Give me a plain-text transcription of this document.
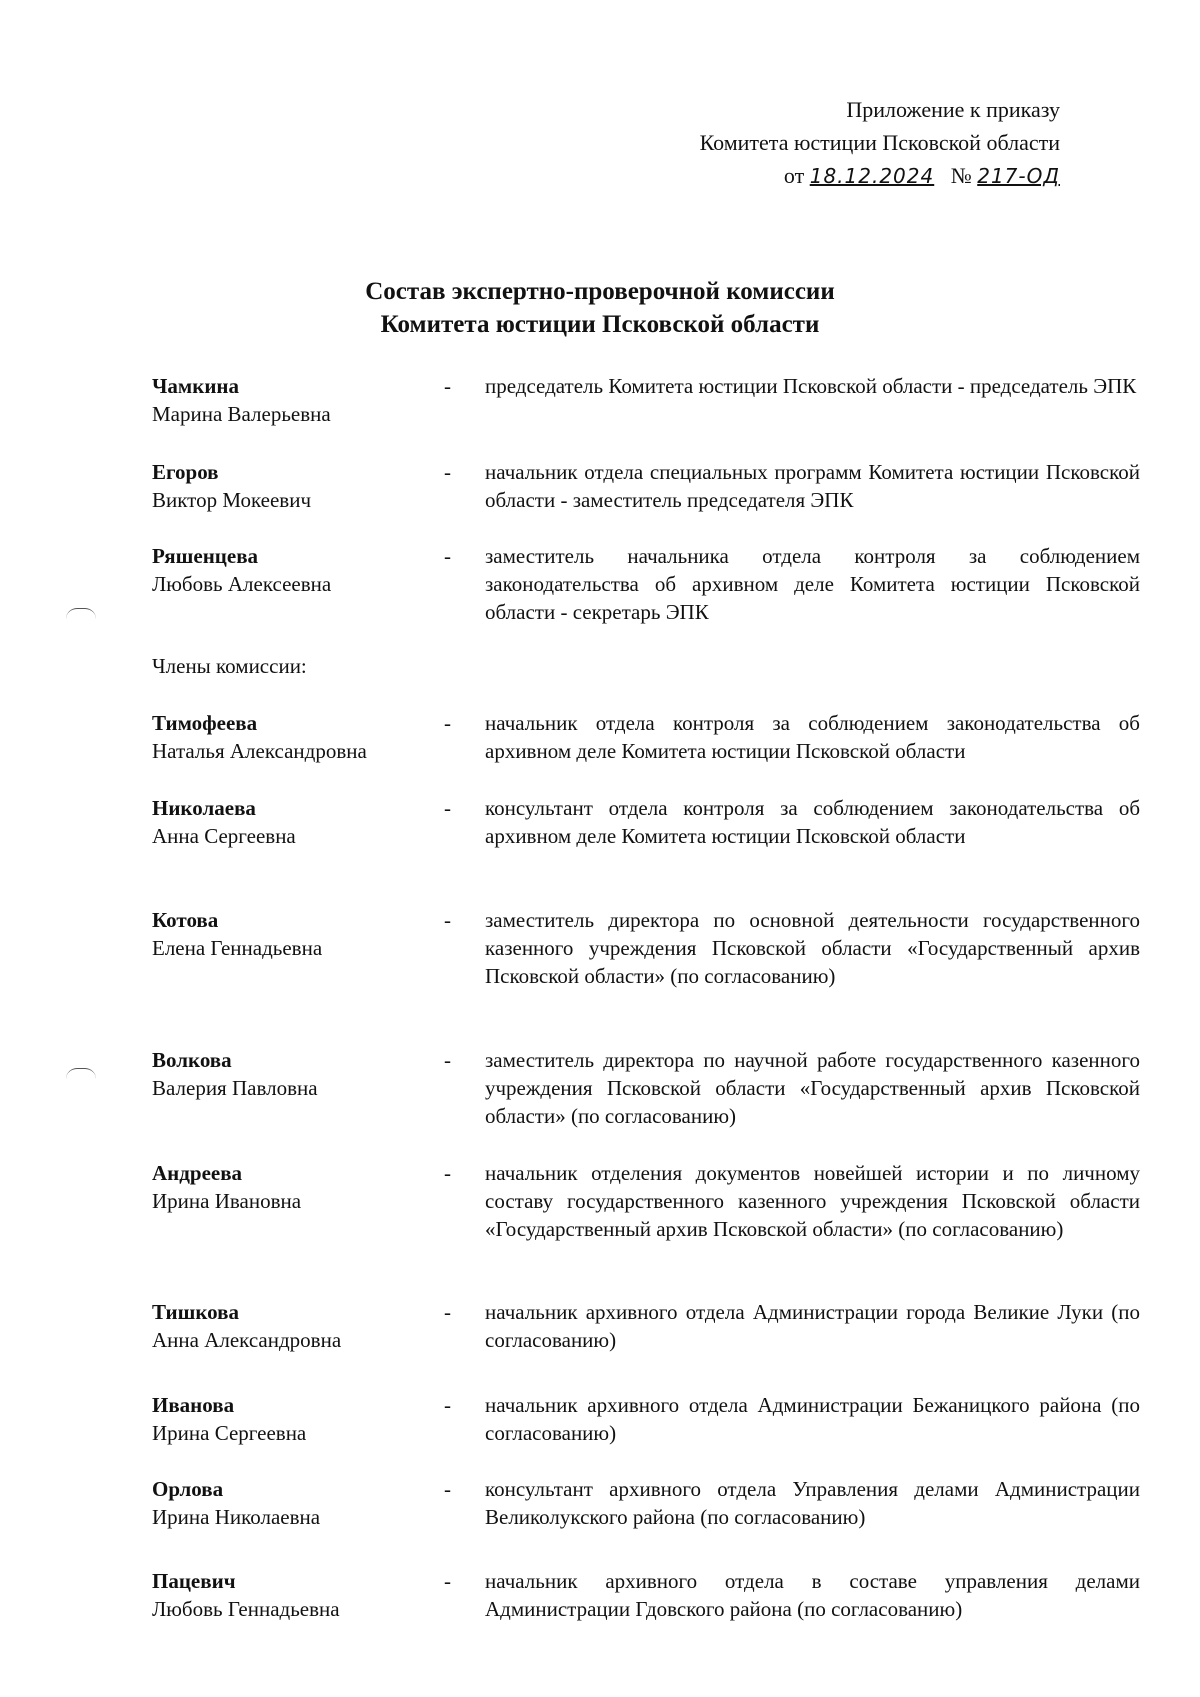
Приложение к приказу
Комитета юстиции Псковской области
от 18.12.2024 № 217-ОД
Состав экспертно-проверочной комиссии
Комитета юстиции Псковской области
Чамкина
Марина Валерьевна
- председатель Комитета юстиции Псковской области - председатель ЭПК
Егоров
Виктор Мокеевич
- начальник отдела специальных программ Комитета юстиции Псковской области - заместитель председателя ЭПК
Ряшенцева
Любовь Алексеевна
- заместитель начальника отдела контроля за соблюдением законодательства об архивном деле Комитета юстиции Псковской области - секретарь ЭПК
Члены комиссии:
Тимофеева
Наталья Александровна
- начальник отдела контроля за соблюдением законодательства об архивном деле Комитета юстиции Псковской области
Николаева
Анна Сергеевна
- консультант отдела контроля за соблюдением законодательства об архивном деле Комитета юстиции Псковской области
Котова
Елена Геннадьевна
- заместитель директора по основной деятельности государственного казенного учреждения Псковской области «Государственный архив Псковской области» (по согласованию)
Волкова
Валерия Павловна
- заместитель директора по научной работе государственного казенного учреждения Псковской области «Государственный архив Псковской области» (по согласованию)
Андреева
Ирина Ивановна
- начальник отделения документов новейшей истории и по личному составу государственного казенного учреждения Псковской области «Государственный архив Псковской области» (по согласованию)
Тишкова
Анна Александровна
- начальник архивного отдела Администрации города Великие Луки (по согласованию)
Иванова
Ирина Сергеевна
- начальник архивного отдела Администрации Бежаницкого района (по согласованию)
Орлова
Ирина Николаевна
- консультант архивного отдела Управления делами Администрации Великолукского района (по согласованию)
Пацевич
Любовь Геннадьевна
- начальник архивного отдела в составе управления делами Администрации Гдовского района (по согласованию)
